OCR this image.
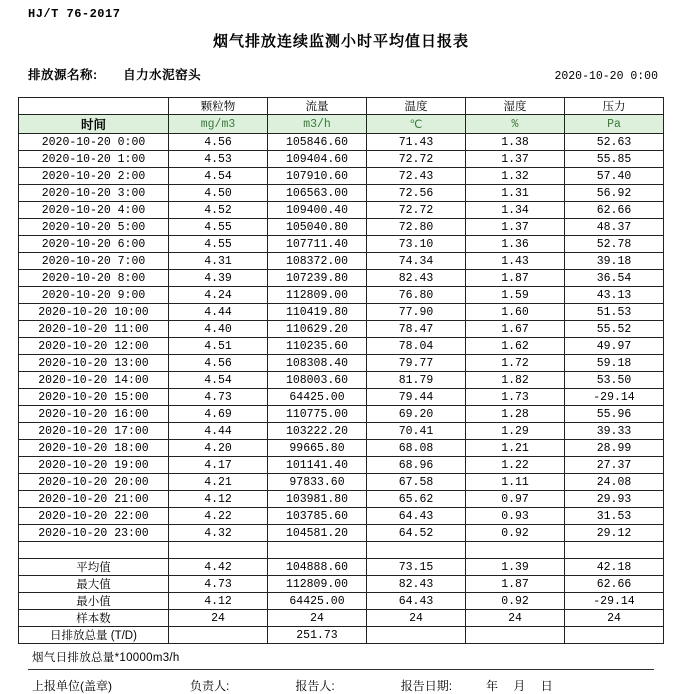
HJ/T 76-2017
烟气排放连续监测小时平均值日报表
排放源名称: 自力水泥窑头	2020-10-20 0:00
	颗粒物	流量	温度	湿度	压力
时间	mg/m3	m3/h	℃	%	Pa
2020-10-20 0:00	4.56	105846.60	71.43	1.38	52.63
2020-10-20 1:00	4.53	109404.60	72.72	1.37	55.85
2020-10-20 2:00	4.54	107910.60	72.43	1.32	57.40
2020-10-20 3:00	4.50	106563.00	72.56	1.31	56.92
2020-10-20 4:00	4.52	109400.40	72.72	1.34	62.66
2020-10-20 5:00	4.55	105040.80	72.80	1.37	48.37
2020-10-20 6:00	4.55	107711.40	73.10	1.36	52.78
2020-10-20 7:00	4.31	108372.00	74.34	1.43	39.18
2020-10-20 8:00	4.39	107239.80	82.43	1.87	36.54
2020-10-20 9:00	4.24	112809.00	76.80	1.59	43.13
2020-10-20 10:00	4.44	110419.80	77.90	1.60	51.53
2020-10-20 11:00	4.40	110629.20	78.47	1.67	55.52
2020-10-20 12:00	4.51	110235.60	78.04	1.62	49.97
2020-10-20 13:00	4.56	108308.40	79.77	1.72	59.18
2020-10-20 14:00	4.54	108003.60	81.79	1.82	53.50
2020-10-20 15:00	4.73	64425.00	79.44	1.73	-29.14
2020-10-20 16:00	4.69	110775.00	69.20	1.28	55.96
2020-10-20 17:00	4.44	103222.20	70.41	1.29	39.33
2020-10-20 18:00	4.20	99665.80	68.08	1.21	28.99
2020-10-20 19:00	4.17	101141.40	68.96	1.22	27.37
2020-10-20 20:00	4.21	97833.60	67.58	1.11	24.08
2020-10-20 21:00	4.12	103981.80	65.62	0.97	29.93
2020-10-20 22:00	4.22	103785.60	64.43	0.93	31.53
2020-10-20 23:00	4.32	104581.20	64.52	0.92	29.12

平均值	4.42	104888.60	73.15	1.39	42.18
最大值	4.73	112809.00	82.43	1.87	62.66
最小值	4.12	64425.00	64.43	0.92	-29.14
样本数	24	24	24	24	24
日排放总量 (T/D)		251.73			
烟气日排放总量*10000m3/h
上报单位(盖章)	负责人:	报告人:	报告日期:	年 月 日
